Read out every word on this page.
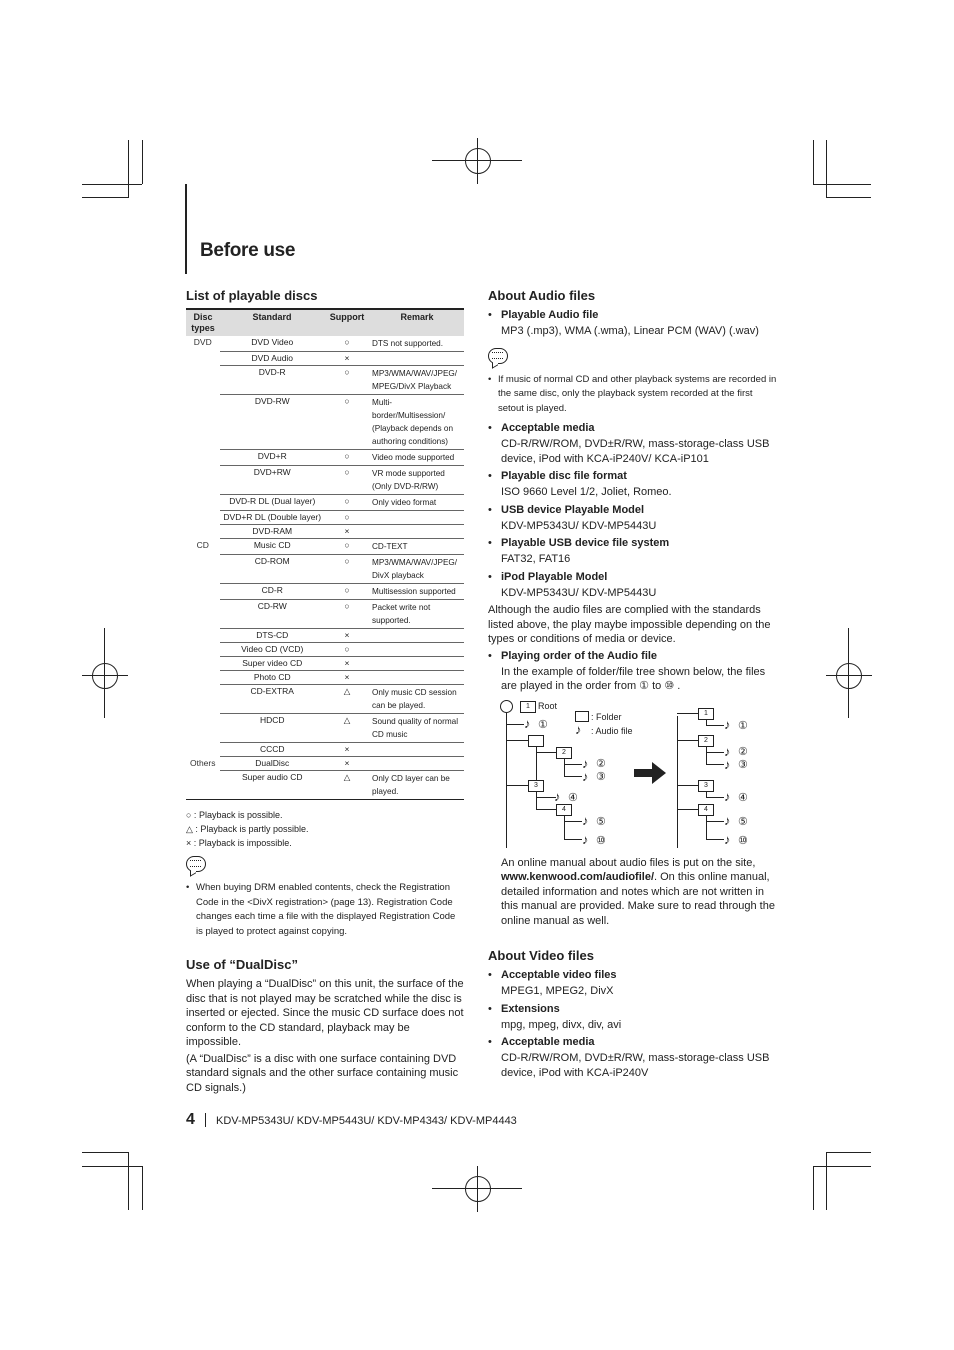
Before use
List of playable discs
Disc types	Standard	Support	Remark
DVD	DVD Video	○	DTS not supported.
	DVD Audio	×	
	DVD-R	○	MP3/WMA/WAV/JPEG/ MPEG/DivX Playback
	DVD-RW	○	Multi-border/Multisession/ (Playback depends on authoring conditions)
	DVD+R	○	Video mode supported
	DVD+RW	○	VR mode supported (Only DVD-R/RW)
	DVD-R DL (Dual layer)	○	Only video format
	DVD+R DL (Double layer)	○	
	DVD-RAM	×	
CD	Music CD	○	CD-TEXT
	CD-ROM	○	MP3/WMA/WAV/JPEG/ DivX playback
	CD-R	○	Multisession supported
	CD-RW	○	Packet write not supported.
	DTS-CD	×	
	Video CD (VCD)	○	
	Super video CD	×	
	Photo CD	×	
	CD-EXTRA	△	Only music CD session can be played.
	HDCD	△	Sound quality of normal CD music
	CCCD	×	
Others	DualDisc	×	
	Super audio CD	△	Only CD layer can be played.
○ : Playback is possible.
△ : Playback is partly possible.
× : Playback is impossible.

• When buying DRM enabled contents, check the Registration Code in the <DivX registration> (page 13). Registration Code changes each time a file with the displayed Registration Code is played to protect against copying.

Use of “DualDisc”

When playing a “DualDisc” on this unit, the surface of the disc that is not played may be scratched while the disc is inserted or ejected. Since the music CD surface does not conform to the CD standard, playback may be impossible.

(A “DualDisc” is a disc with one surface containing DVD standard signals and the other surface containing music CD signals.)

About Audio files

• Playable Audio file

MP3 (.mp3), WMA (.wma), Linear PCM (WAV) (.wav)

• If music of normal CD and other playback systems are recorded in the same disc, only the playback system recorded at the first setout is played.

• Acceptable media

CD-R/RW/ROM, DVD±R/RW, mass-storage-class USB device, iPod with KCA-iP240V/ KCA-iP101

• Playable disc file format

ISO 9660 Level 1/2, Joliet, Romeo.

• USB device Playable Model

KDV-MP5343U/ KDV-MP5443U

• Playable USB device file system

FAT32, FAT16

• iPod Playable Model

KDV-MP5343U/ KDV-MP5443U

Although the audio files are complied with the standards listed above, the play maybe impossible depending on the types or conditions of media or device.

• Playing order of the Audio file

In the example of folder/file tree shown below, the files are played in the order from ① to ⑩ .

1 Root
: Folder
♪ : Audio file
♪ ①
2
♪ ②
♪ ③
3
♪ ④
4
♪ ⑤
♪ ⑩
1
♪ ①
2
♪ ②
♪ ③
3
♪ ④
4
♪ ⑤
♪ ⑩

An online manual about audio files is put on the site, www.kenwood.com/audiofile/. On this online manual, detailed information and notes which are not written in this manual are provided. Make sure to read through the online manual as well.

About Video files

• Acceptable video files

MPEG1, MPEG2, DivX

• Extensions

mpg, mpeg, divx, div, avi

• Acceptable media

CD-R/RW/ROM, DVD±R/RW, mass-storage-class USB device, iPod with KCA-iP240V

4 KDV-MP5343U/ KDV-MP5443U/ KDV-MP4343/ KDV-MP4443
